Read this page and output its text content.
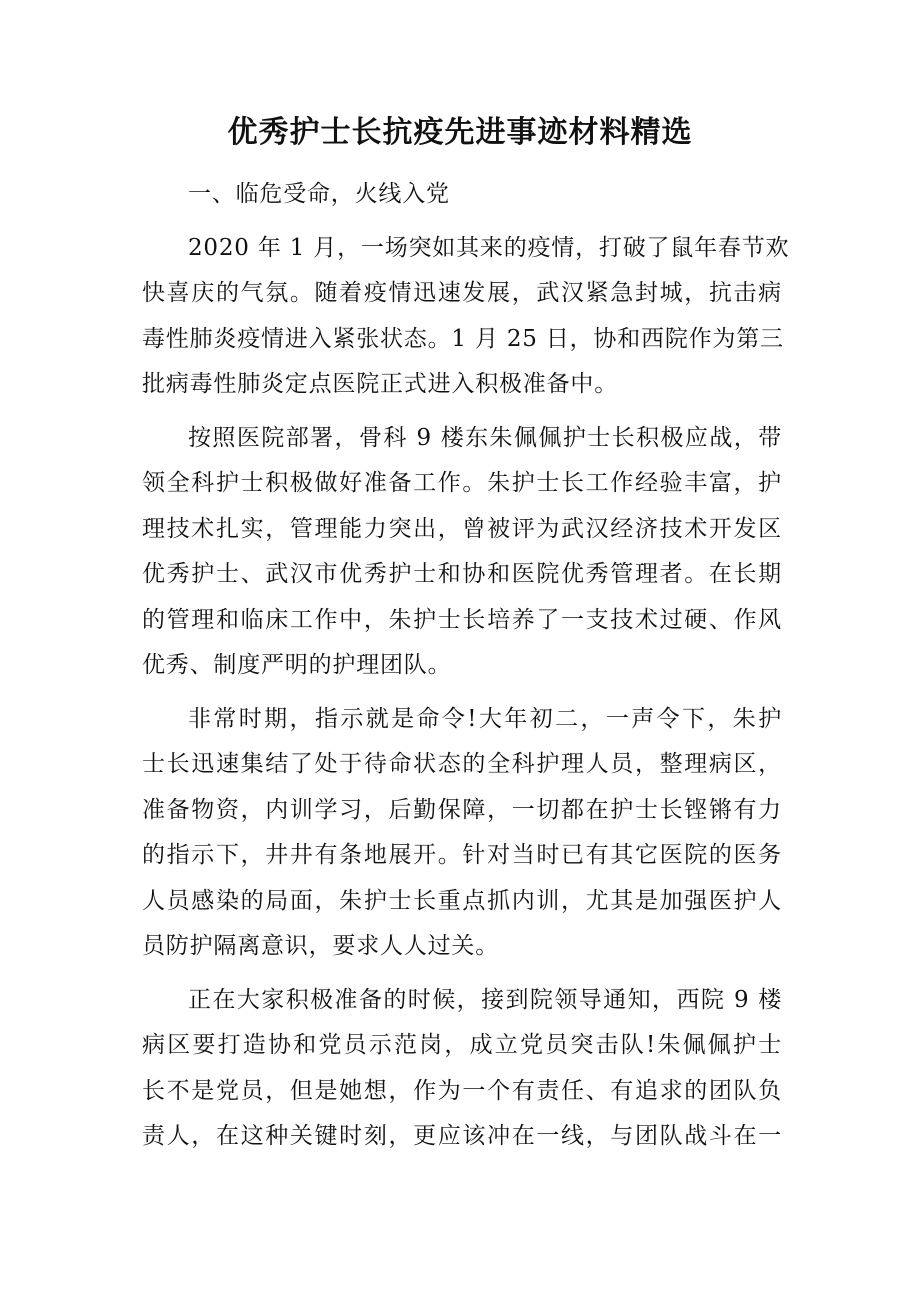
优秀护士长抗疫先进事迹材料精选

一、临危受命，火线入党

2020 年 1 月，一场突如其来的疫情，打破了鼠年春节欢
快喜庆的气氛。随着疫情迅速发展，武汉紧急封城，抗击病
毒性肺炎疫情进入紧张状态。1 月 25 日，协和西院作为第三
批病毒性肺炎定点医院正式进入积极准备中。
按照医院部署，骨科 9 楼东朱佩佩护士长积极应战，带
领全科护士积极做好准备工作。朱护士长工作经验丰富，护
理技术扎实，管理能力突出，曾被评为武汉经济技术开发区
优秀护士、武汉市优秀护士和协和医院优秀管理者。在长期
的管理和临床工作中，朱护士长培养了一支技术过硬、作风
优秀、制度严明的护理团队。
非常时期，指示就是命令!大年初二，一声令下，朱护
士长迅速集结了处于待命状态的全科护理人员，整理病区，
准备物资，内训学习，后勤保障，一切都在护士长铿锵有力
的指示下，井井有条地展开。针对当时已有其它医院的医务
人员感染的局面，朱护士长重点抓内训，尤其是加强医护人
员防护隔离意识，要求人人过关。
正在大家积极准备的时候，接到院领导通知，西院 9 楼
病区要打造协和党员示范岗，成立党员突击队!朱佩佩护士
长不是党员，但是她想，作为一个有责任、有追求的团队负
责人，在这种关键时刻，更应该冲在一线，与团队战斗在一
